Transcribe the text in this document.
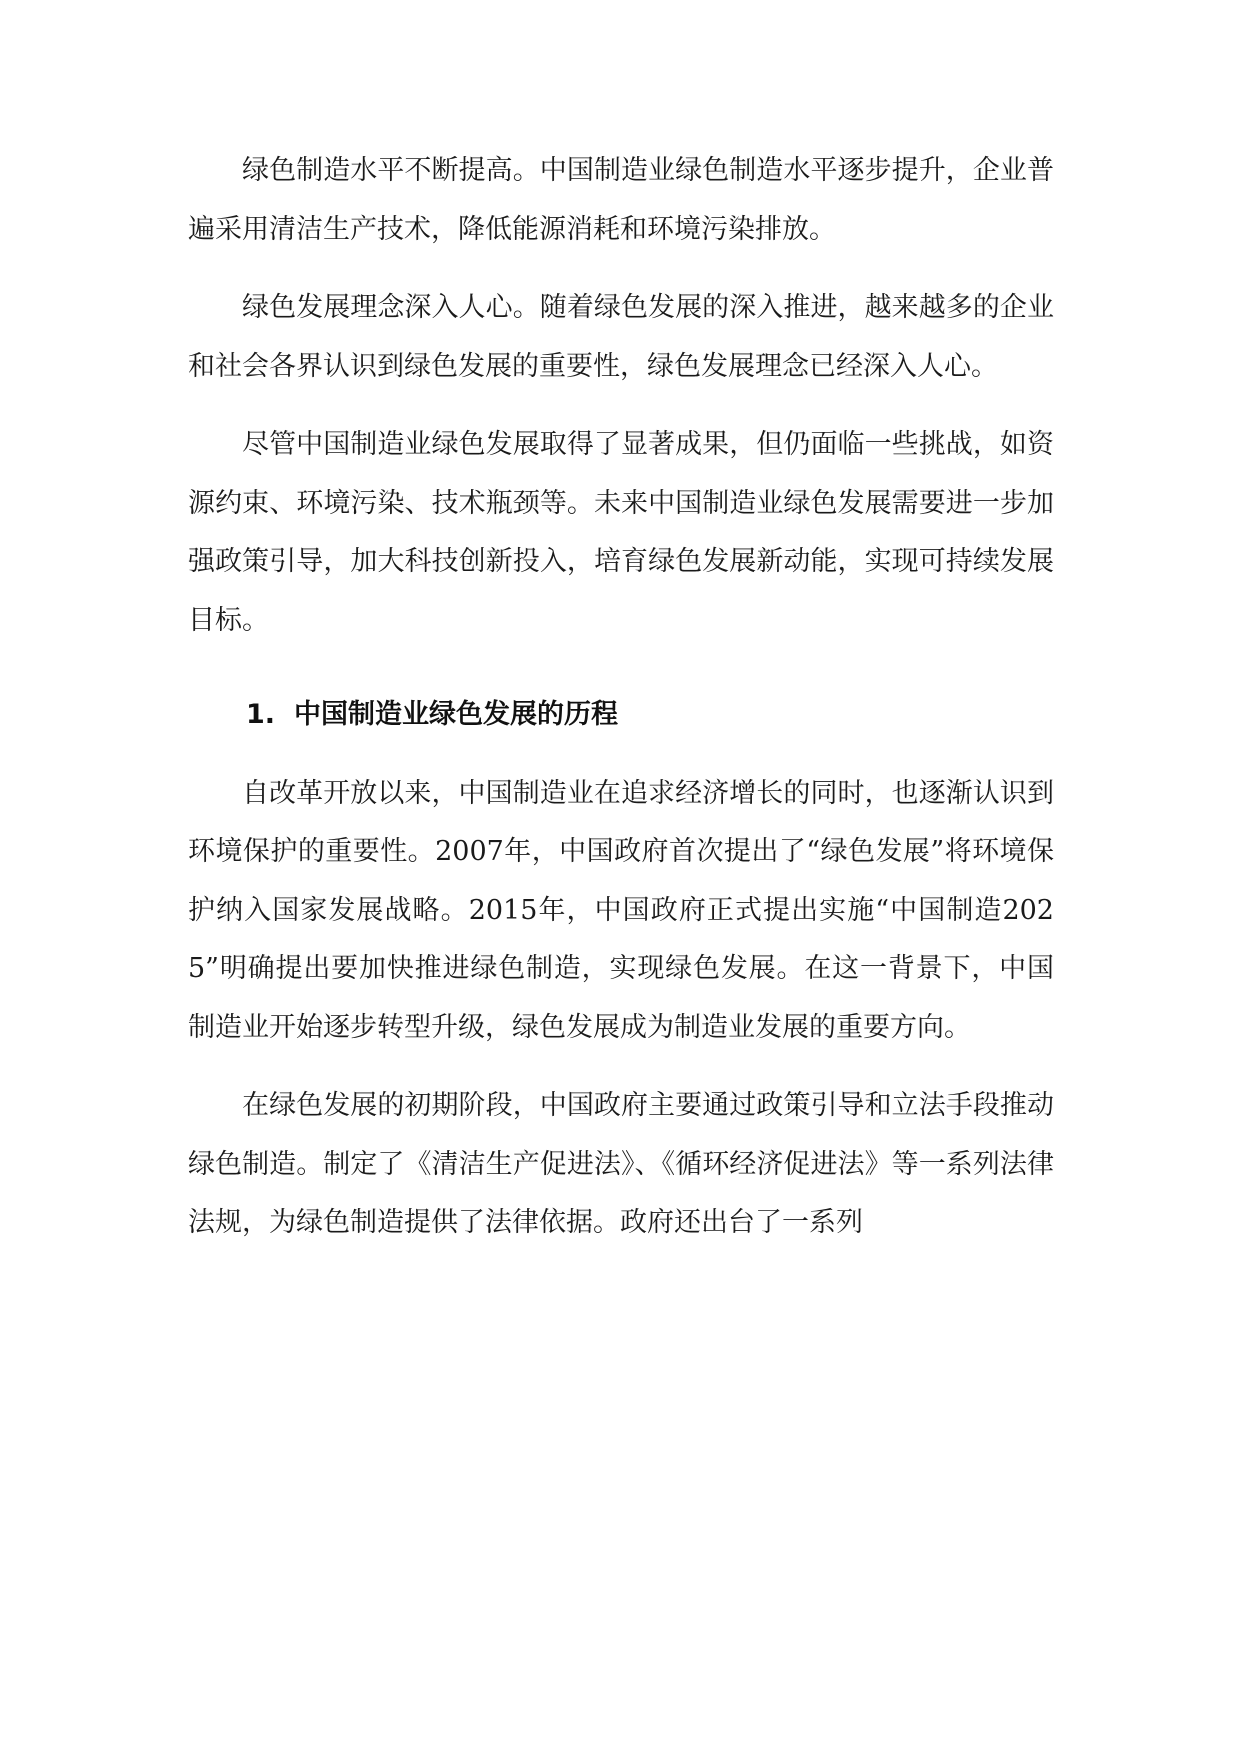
绿色制造水平不断提高。中国制造业绿色制造水平逐步提升，企业普遍采用清洁生产技术，降低能源消耗和环境污染排放。

绿色发展理念深入人心。随着绿色发展的深入推进，越来越多的企业和社会各界认识到绿色发展的重要性，绿色发展理念已经深入人心。

尽管中国制造业绿色发展取得了显著成果，但仍面临一些挑战，如资源约束、环境污染、技术瓶颈等。未来中国制造业绿色发展需要进一步加强政策引导，加大科技创新投入，培育绿色发展新动能，实现可持续发展目标。

1. 中国制造业绿色发展的历程

自改革开放以来，中国制造业在追求经济增长的同时，也逐渐认识到环境保护的重要性。2007年，中国政府首次提出了“绿色发展”将环境保护纳入国家发展战略。2015年，中国政府正式提出实施“中国制造2025”明确提出要加快推进绿色制造，实现绿色发展。在这一背景下，中国制造业开始逐步转型升级，绿色发展成为制造业发展的重要方向。

在绿色发展的初期阶段，中国政府主要通过政策引导和立法手段推动绿色制造。制定了《清洁生产促进法》、《循环经济促进法》等一系列法律法规，为绿色制造提供了法律依据。政府还出台了一系列
